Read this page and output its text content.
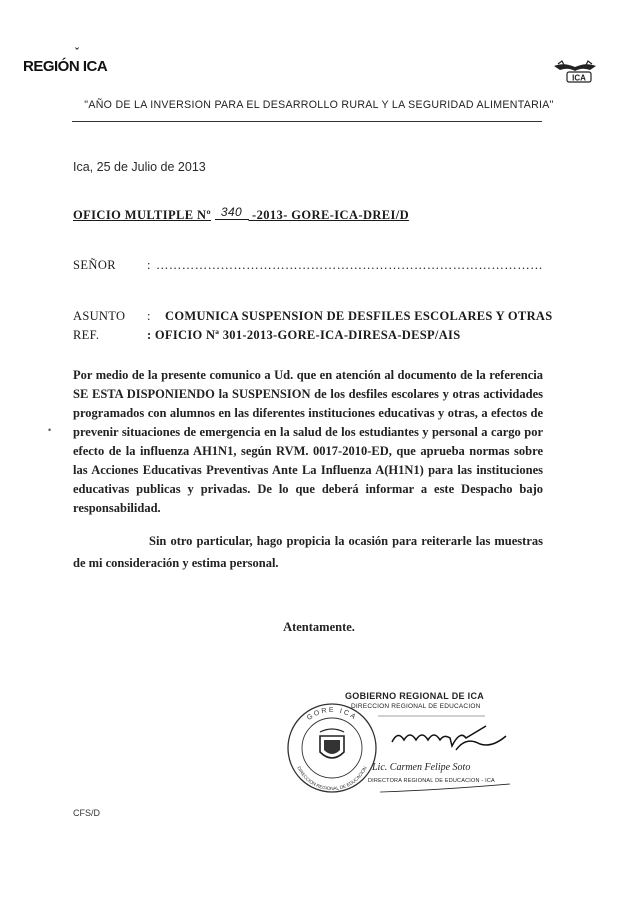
ˇ
REGIÓN ICA
ICA
"AÑO DE LA INVERSION PARA EL DESARROLLO RURAL Y LA SEGURIDAD ALIMENTARIA"
Ica, 25 de Julio de 2013
OFICIO MULTIPLE Nº 340 -2013- GORE-ICA-DREI/D
SEÑOR : ………………………………………………………………………………
ASUNTO : COMUNICA SUSPENSION DE DESFILES ESCOLARES Y OTRAS
REF.	: OFICIO Nª 301-2013-GORE-ICA-DIRESA-DESP/AIS
•

Por medio de la presente comunico a Ud. que en atención al documento de la referencia SE ESTA DISPONIENDO la SUSPENSION de los desfiles escolares y otras actividades programados con alumnos en las diferentes instituciones educativas y otras, a efectos de prevenir situaciones de emergencia en la salud de los estudiantes y personal a cargo por efecto de la influenza AH1N1, según RVM. 0017-2010-ED, que aprueba normas sobre las Acciones Educativas Preventivas Ante La Influenza A(H1N1) para las instituciones educativas publicas y privadas. De lo que deberá informar a este Despacho bajo responsabilidad.

Sin otro particular, hago propicia la ocasión para reiterarle las muestras de mi consideración y estima personal.

Atentamente.
GORE ICA
DIRECCION REGIONAL DE EDUCACION
GOBIERNO REGIONAL DE ICA
DIRECCION REGIONAL DE EDUCACION
Lic. Carmen Felipe Soto
DIRECTORA REGIONAL DE EDUCACION - ICA
CFS/D
